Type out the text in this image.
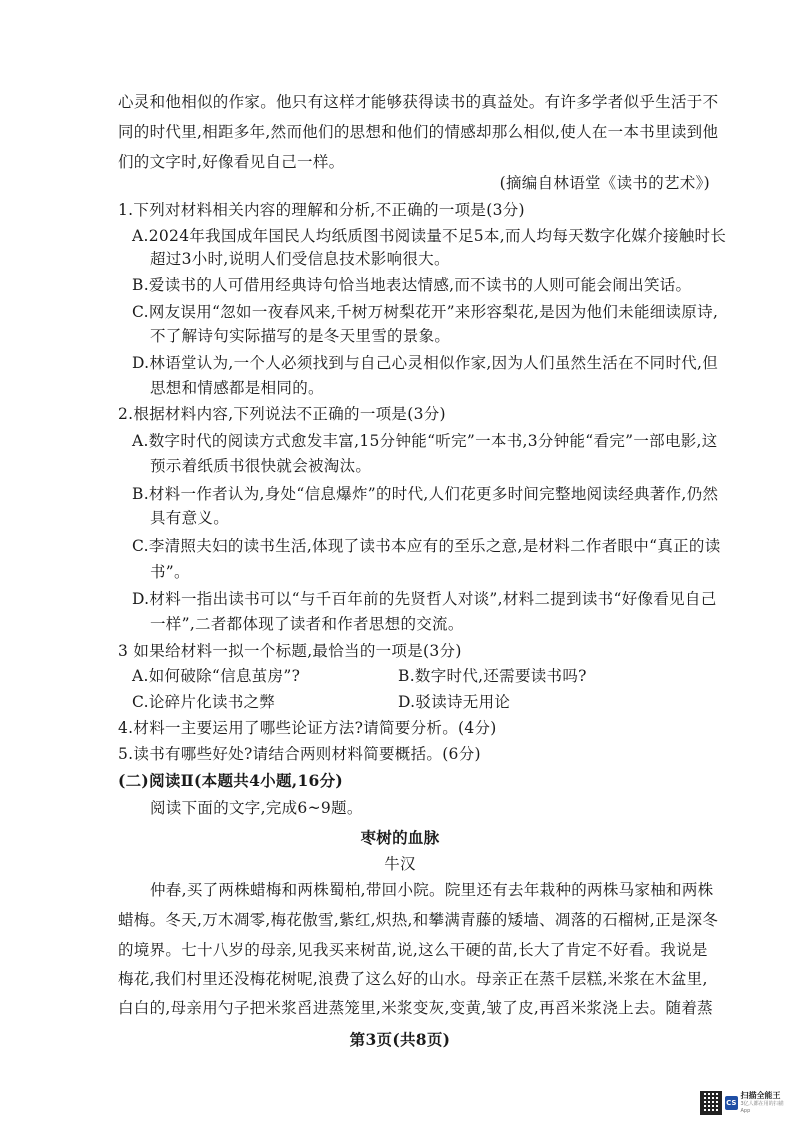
心灵和他相似的作家。他只有这样才能够获得读书的真益处。有许多学者似乎生活于不
同的时代里,相距多年,然而他们的思想和他们的情感却那么相似,使人在一本书里读到他
们的文字时,好像看见自己一样。
(摘编自林语堂《读书的艺术》)
1.下列对材料相关内容的理解和分析,不正确的一项是(3分)
A.2024年我国成年国民人均纸质图书阅读量不足5本,而人均每天数字化媒介接触时长
超过3小时,说明人们受信息技术影响很大。
B.爱读书的人可借用经典诗句恰当地表达情感,而不读书的人则可能会闹出笑话。
C.网友误用“忽如一夜春风来,千树万树梨花开”来形容梨花,是因为他们未能细读原诗,
不了解诗句实际描写的是冬天里雪的景象。
D.林语堂认为,一个人必须找到与自己心灵相似作家,因为人们虽然生活在不同时代,但
思想和情感都是相同的。
2.根据材料内容,下列说法不正确的一项是(3分)
A.数字时代的阅读方式愈发丰富,15分钟能“听完”一本书,3分钟能“看完”一部电影,这
预示着纸质书很快就会被淘汰。
B.材料一作者认为,身处“信息爆炸”的时代,人们花更多时间完整地阅读经典著作,仍然
具有意义。
C.李清照夫妇的读书生活,体现了读书本应有的至乐之意,是材料二作者眼中“真正的读
书”。
D.材料一指出读书可以“与千百年前的先贤哲人对谈”,材料二提到读书“好像看见自己
一样”,二者都体现了读者和作者思想的交流。
3 如果给材料一拟一个标题,最恰当的一项是(3分)
A.如何破除“信息茧房”?	B.数字时代,还需要读书吗?
C.论碎片化读书之弊	D.驳读诗无用论
4.材料一主要运用了哪些论证方法?请简要分析。(4分)
5.读书有哪些好处?请结合两则材料简要概括。(6分)
(二)阅读Ⅱ(本题共4小题,16分)
阅读下面的文字,完成6~9题。
枣树的血脉
牛汉
仲春,买了两株蜡梅和两株蜀柏,带回小院。院里还有去年栽种的两株马家柚和两株
蜡梅。冬天,万木凋零,梅花傲雪,紫红,炽热,和攀满青藤的矮墙、凋落的石榴树,正是深冬
的境界。七十八岁的母亲,见我买来树苗,说,这么干硬的苗,长大了肯定不好看。我说是
梅花,我们村里还没梅花树呢,浪费了这么好的山水。母亲正在蒸千层糕,米浆在木盆里,
白白的,母亲用勺子把米浆舀进蒸笼里,米浆变灰,变黄,皱了皮,再舀米浆浇上去。随着蒸
第3页(共8页)
CS
扫描全能王
3亿人都在用的扫描App
